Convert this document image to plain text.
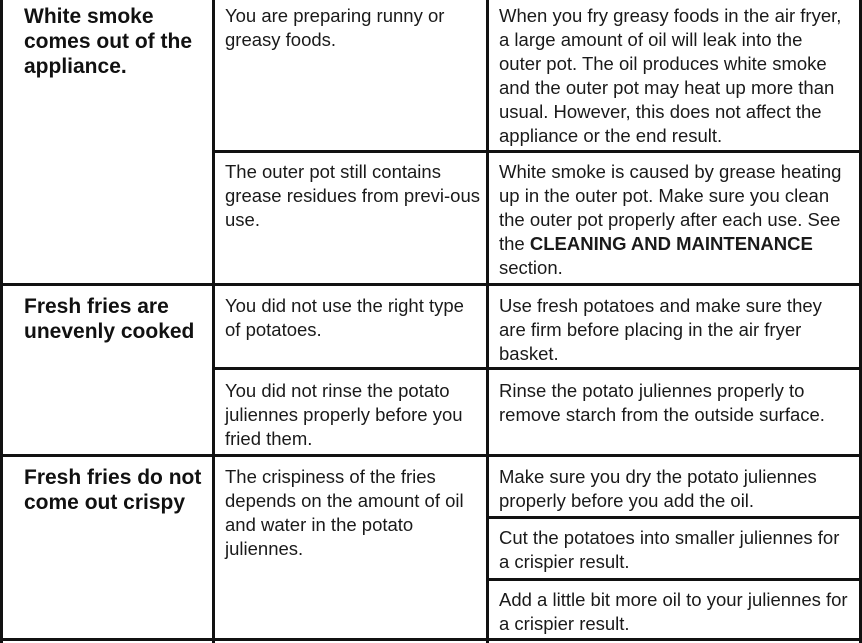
White smoke comes out of the appliance.
You are preparing runny or greasy foods.
When you fry greasy foods in the air fryer, a large amount of oil will leak into the outer pot. The oil produces white smoke and the outer pot may heat up more than usual. However, this does not affect the appliance or the end result.
The outer pot still contains grease residues from previ-ous use.
White smoke is caused by grease heating up in the outer pot. Make sure you clean the outer pot properly after each use. See the CLEANING AND MAINTENANCE section.
Fresh fries are unevenly cooked
You did not use the right type of potatoes.
Use fresh potatoes and make sure they are firm before placing in the air fryer basket.
You did not rinse the potato juliennes properly before you fried them.
Rinse the potato juliennes properly to remove starch from the outside surface.
Fresh fries do not come out crispy
The crispiness of the fries depends on the amount of oil and water in the potato juliennes.
Make sure you dry the potato juliennes properly before you add the oil.
Cut the potatoes into smaller juliennes for a crispier result.
Add a little bit more oil to your juliennes for a crispier result.
